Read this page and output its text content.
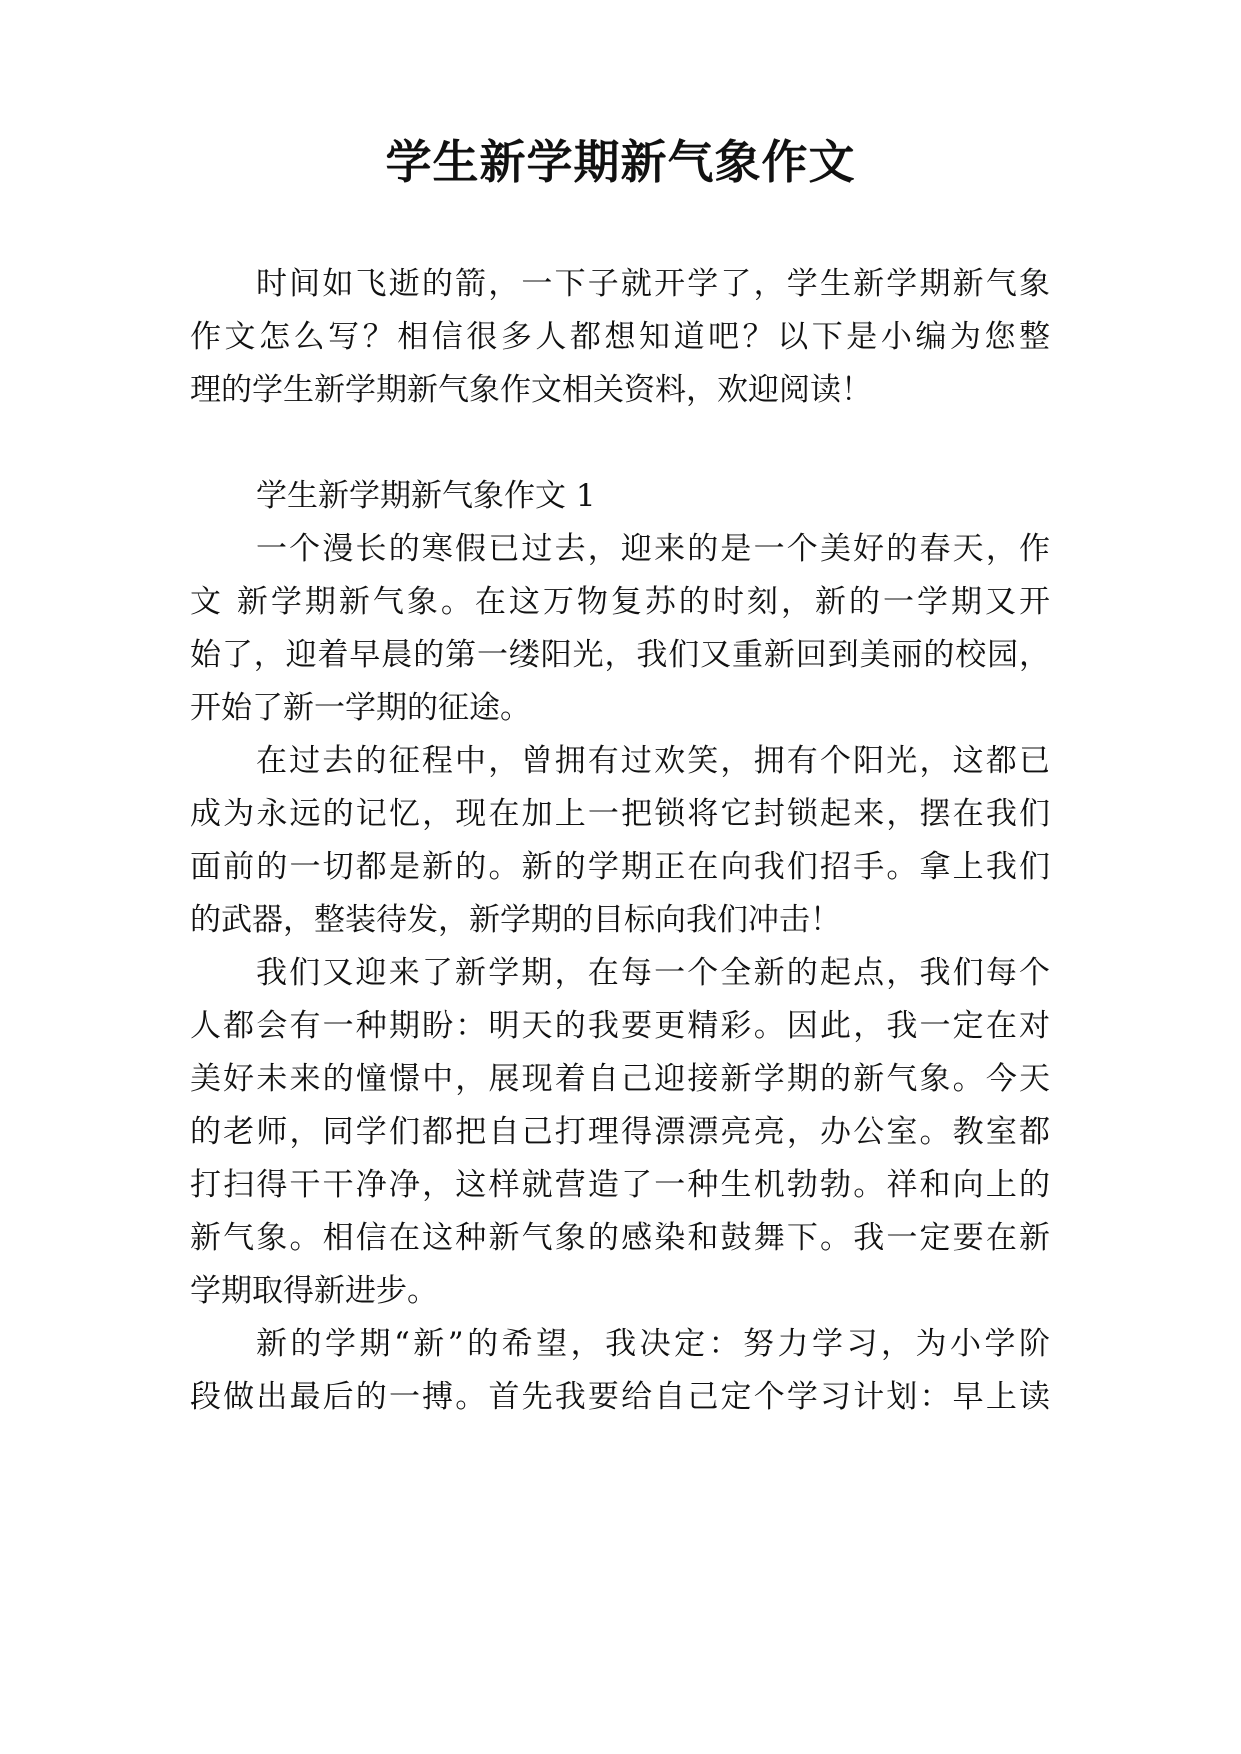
学生新学期新气象作文
时间如飞逝的箭，一下子就开学了，学生新学期新气象
作文怎么写？相信很多人都想知道吧？以下是小编为您整
理的学生新学期新气象作文相关资料，欢迎阅读！
学生新学期新气象作文 1
一个漫长的寒假已过去，迎来的是一个美好的春天，作
文 新学期新气象。在这万物复苏的时刻，新的一学期又开
始了，迎着早晨的第一缕阳光，我们又重新回到美丽的校园，
开始了新一学期的征途。
在过去的征程中，曾拥有过欢笑，拥有个阳光，这都已
成为永远的记忆，现在加上一把锁将它封锁起来，摆在我们
面前的一切都是新的。新的学期正在向我们招手。拿上我们
的武器，整装待发，新学期的目标向我们冲击！
我们又迎来了新学期，在每一个全新的起点，我们每个
人都会有一种期盼：明天的我要更精彩。因此，我一定在对
美好未来的憧憬中，展现着自己迎接新学期的新气象。今天
的老师，同学们都把自己打理得漂漂亮亮，办公室。教室都
打扫得干干净净，这样就营造了一种生机勃勃。祥和向上的
新气象。相信在这种新气象的感染和鼓舞下。我一定要在新
学期取得新进步。
新的学期“新”的希望，我决定：努力学习，为小学阶
段做出最后的一搏。首先我要给自己定个学习计划：早上读
